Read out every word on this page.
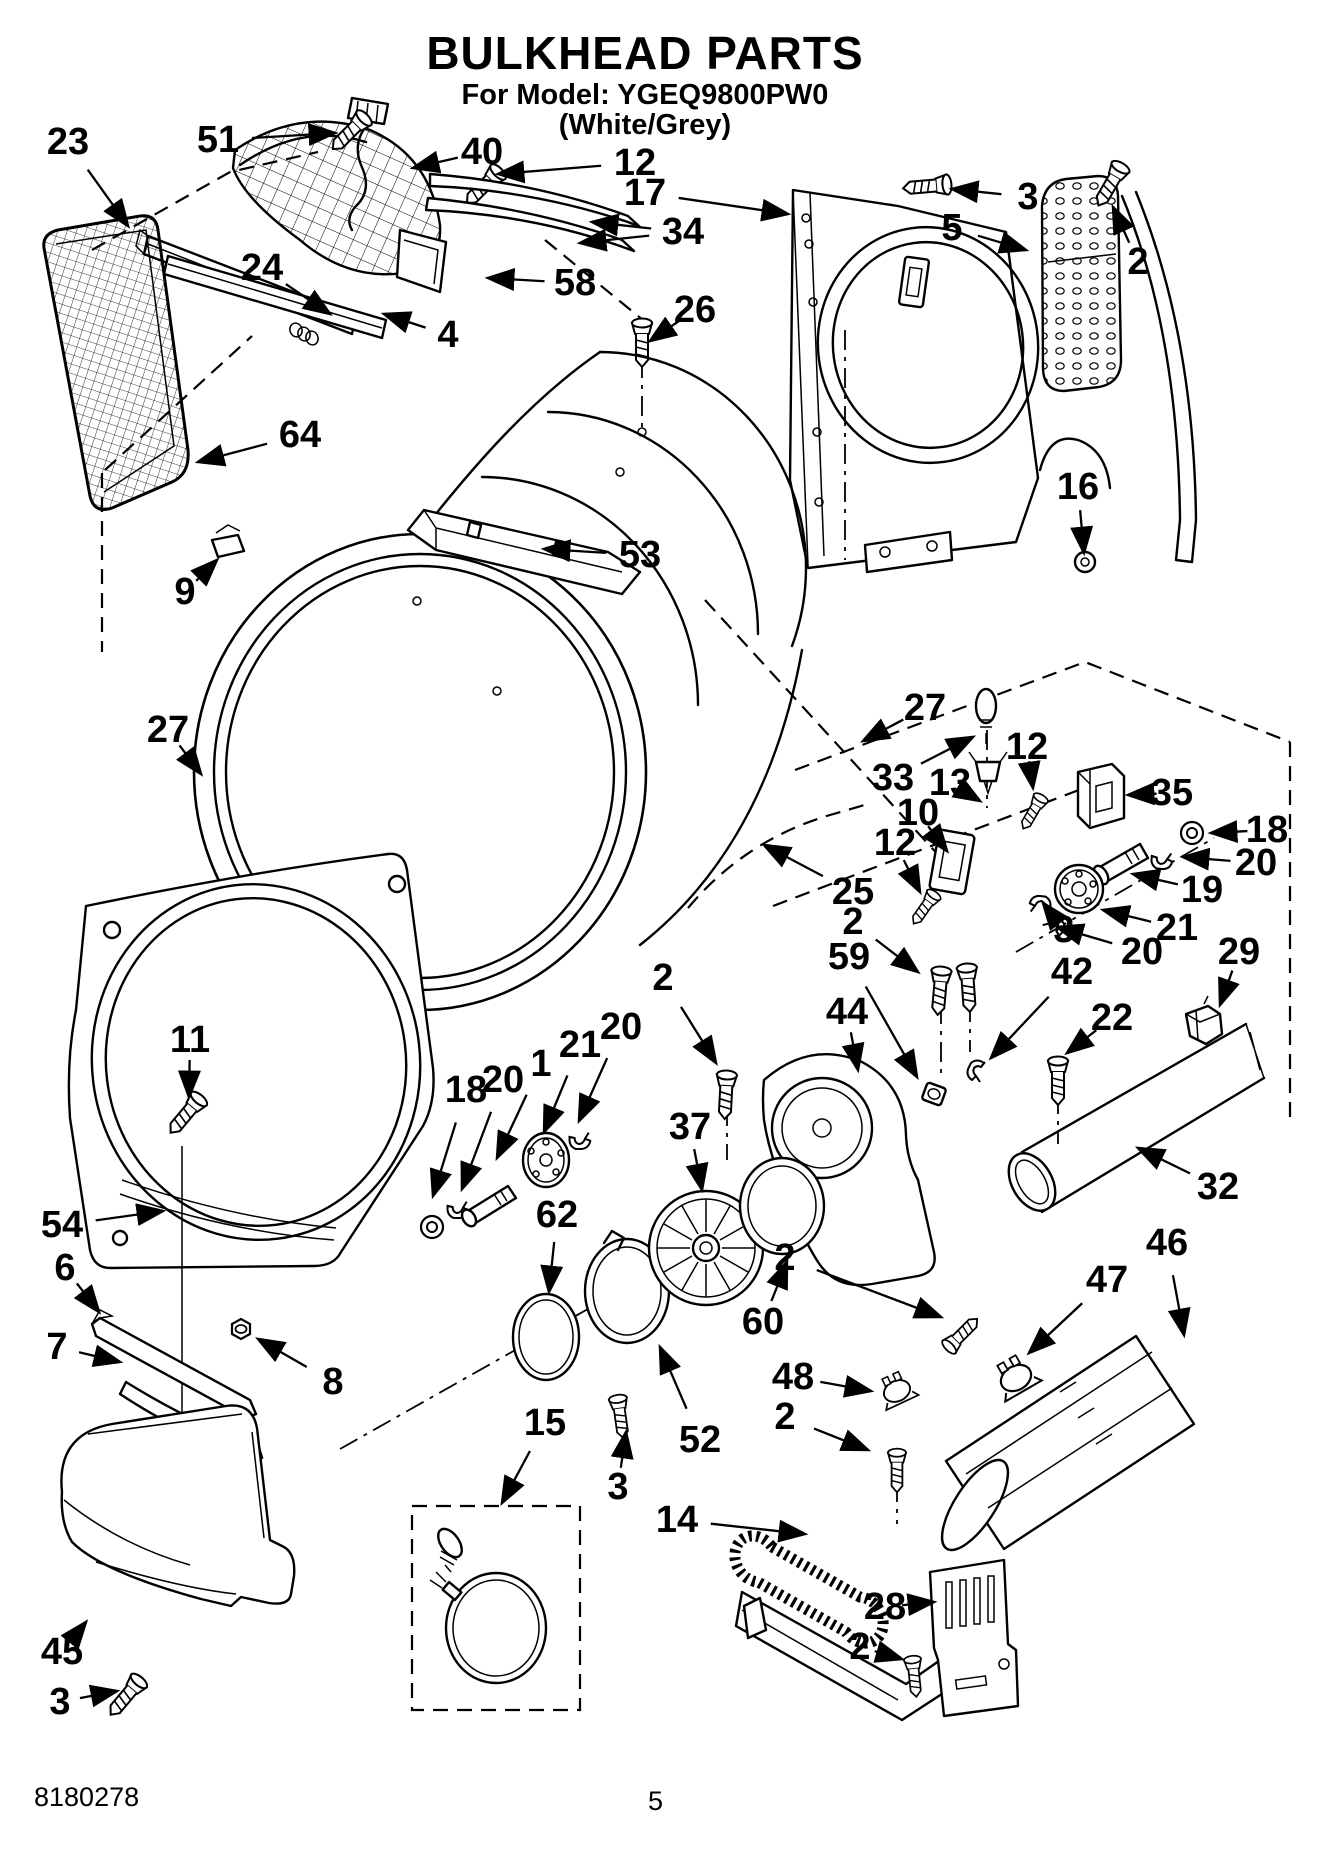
BULKHEAD PARTS
For Model: YGEQ9800PW0
(White/Grey)
23	51	40	12
17
34
58
24
4
26
3
5
2
16
64
9
53
27
27
33 13
12
10
12
35
18
20
19
21
20
3
29
42
25
2
59
44	22
32
2
18
20 1 21
20
37
62
60
52
11
54
6
7
8
45
3
15
3
14
48
2
46
47
2
28
2
8180278	5
